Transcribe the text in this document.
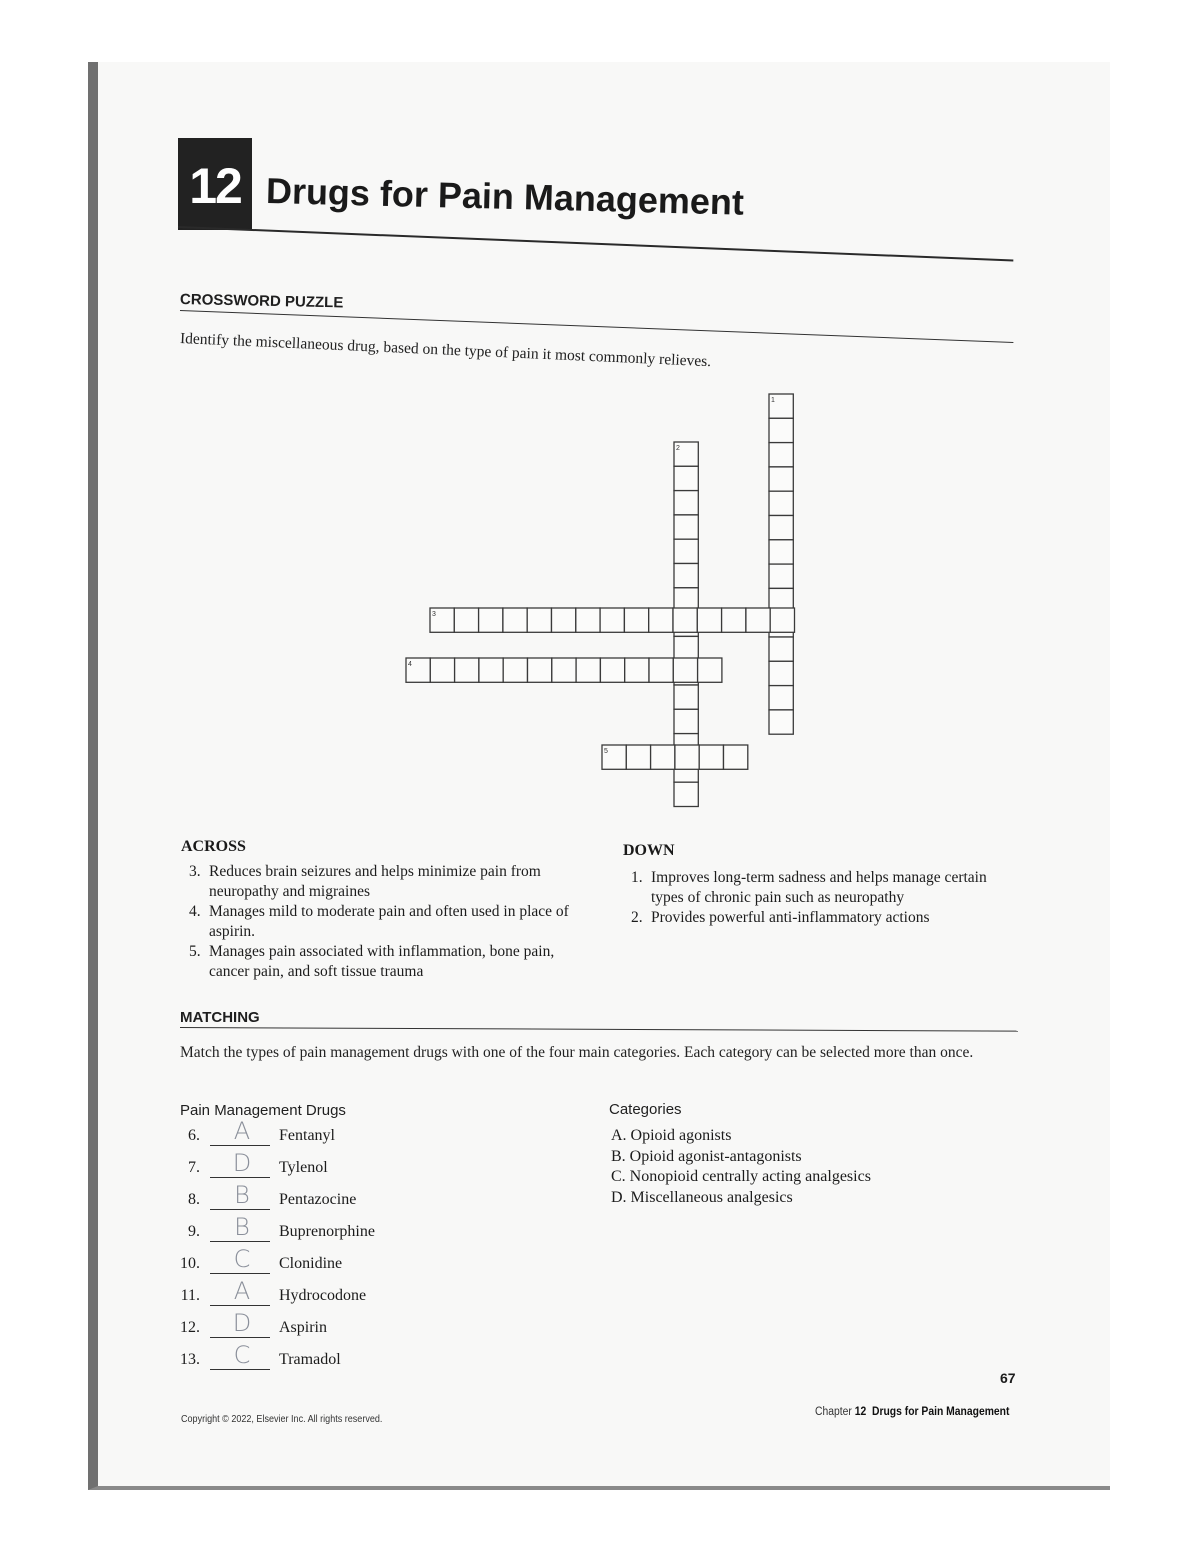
12 Drugs for Pain Management
CROSSWORD PUZZLE
Identify the miscellaneous drug, based on the type of pain it most commonly relieves.
1
2
3
4
5
ACROSS
3. Reduces brain seizures and helps minimize pain from neuropathy and migraines
4. Manages mild to moderate pain and often used in place of aspirin.
5. Manages pain associated with inflammation, bone pain, cancer pain, and soft tissue trauma
DOWN
1. Improves long-term sadness and helps manage certain types of chronic pain such as neuropathy
2. Provides powerful anti-inflammatory actions
MATCHING
Match the types of pain management drugs with one of the four main categories. Each category can be selected more than once.
Pain Management Drugs	Categories
6.	A	Fentanyl
7.	D	Tylenol
8.	B	Pentazocine
9.	B	Buprenorphine
10.	C	Clonidine
11.	A	Hydrocodone
12.	D	Aspirin
13.	C	Tramadol
A. Opioid agonists
B. Opioid agonist-antagonists
C. Nonopioid centrally acting analgesics
D. Miscellaneous analgesics
67
Copyright © 2022, Elsevier Inc. All rights reserved.
Chapter 12 Drugs for Pain Management
